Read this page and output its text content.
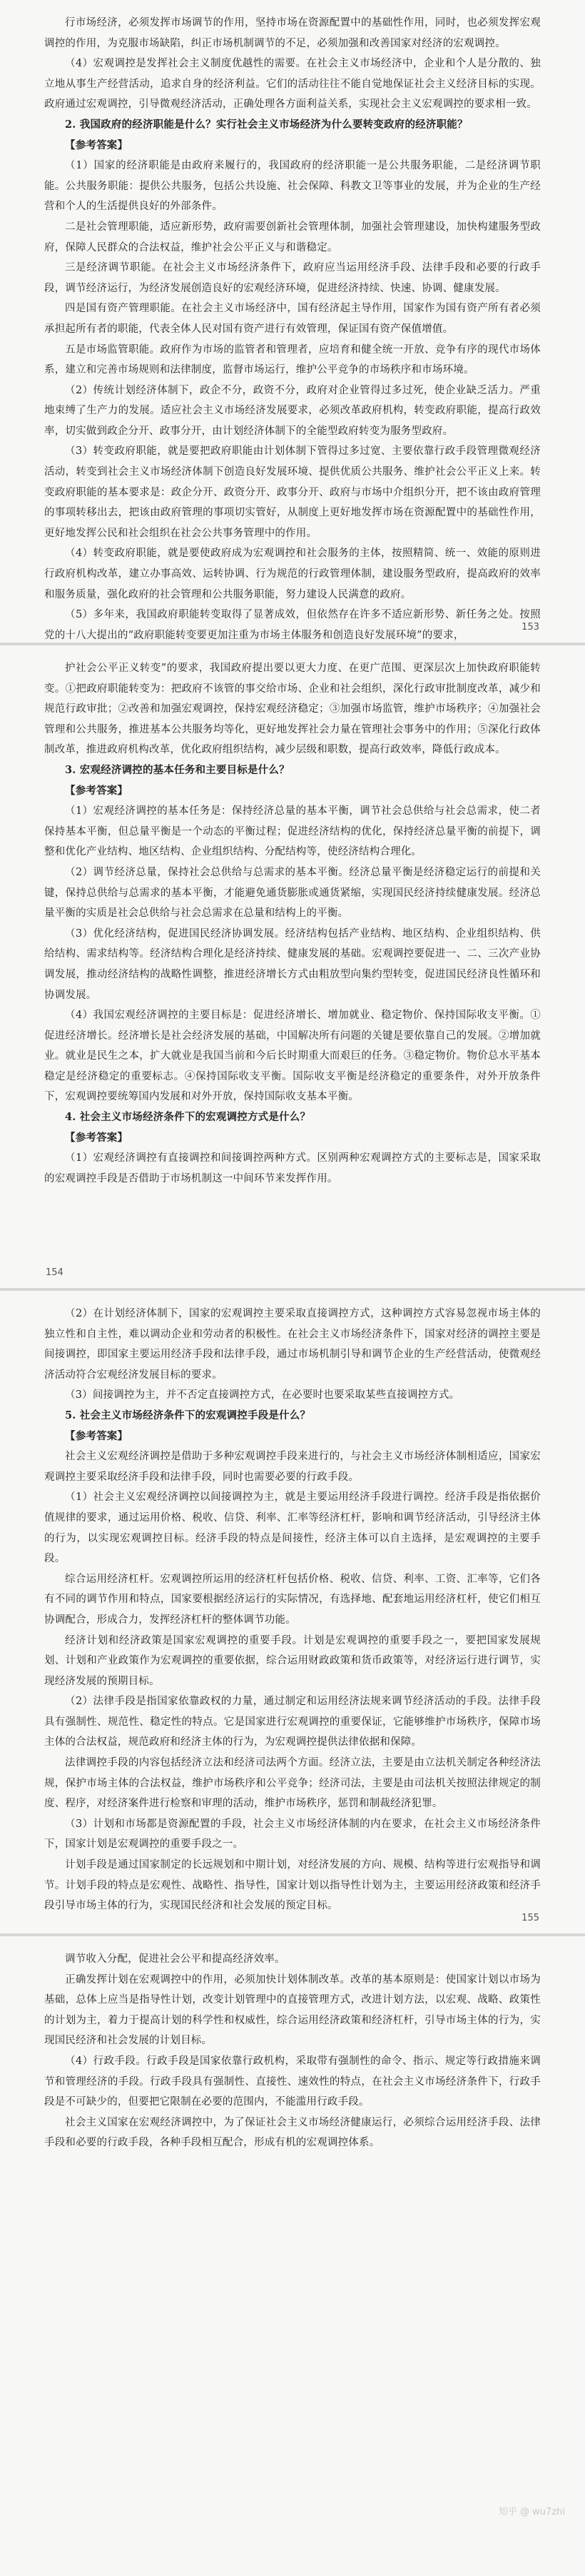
行市场经济，必须发挥市场调节的作用，坚持市场在资源配置中的基础性作用，同时，也必须发挥宏观调控的作用，为克服市场缺陷，纠正市场机制调节的不足，必须加强和改善国家对经济的宏观调控。

（4）宏观调控是发挥社会主义制度优越性的需要。在社会主义市场经济中，企业和个人是分散的、独立地从事生产经营活动，追求自身的经济利益。它们的活动往往不能自觉地保证社会主义经济目标的实现。政府通过宏观调控，引导微观经济活动，正确处理各方面利益关系，实现社会主义宏观调控的要求相一致。

2. 我国政府的经济职能是什么？实行社会主义市场经济为什么要转变政府的经济职能？

【参考答案】

（1）国家的经济职能是由政府来履行的，我国政府的经济职能一是公共服务职能，二是经济调节职能。公共服务职能：提供公共服务，包括公共设施、社会保障、科教文卫等事业的发展，并为企业的生产经营和个人的生活提供良好的外部条件。

二是社会管理职能，适应新形势，政府需要创新社会管理体制，加强社会管理建设，加快构建服务型政府，保障人民群众的合法权益，维护社会公平正义与和谐稳定。

三是经济调节职能。在社会主义市场经济条件下，政府应当运用经济手段、法律手段和必要的行政手段，调节经济运行，为经济发展创造良好的宏观经济环境，促进经济持续、快速、协调、健康发展。

四是国有资产管理职能。在社会主义市场经济中，国有经济起主导作用，国家作为国有资产所有者必须承担起所有者的职能，代表全体人民对国有资产进行有效管理，保证国有资产保值增值。

五是市场监管职能。政府作为市场的监管者和管理者，应培育和健全统一开放、竞争有序的现代市场体系，建立和完善市场规则和法律制度，监督市场运行，维护公平竞争的市场秩序和市场环境。

（2）传统计划经济体制下，政企不分，政资不分，政府对企业管得过多过死，使企业缺乏活力。严重地束缚了生产力的发展。适应社会主义市场经济发展要求，必须改革政府机构，转变政府职能，提高行政效率，切实做到政企分开、政事分开，由计划经济体制下的全能型政府转变为服务型政府。

（3）转变政府职能，就是要把政府职能由计划体制下管得过多过宽、主要依靠行政手段管理微观经济活动，转变到社会主义市场经济体制下创造良好发展环境、提供优质公共服务、维护社会公平正义上来。转变政府职能的基本要求是：政企分开、政资分开、政事分开、政府与市场中介组织分开，把不该由政府管理的事项转移出去，把该由政府管理的事项切实管好，从制度上更好地发挥市场在资源配置中的基础性作用，更好地发挥公民和社会组织在社会公共事务管理中的作用。

（4）转变政府职能，就是要使政府成为宏观调控和社会服务的主体，按照精简、统一、效能的原则进行政府机构改革，建立办事高效、运转协调、行为规范的行政管理体制，建设服务型政府，提高政府的效率和服务质量，强化政府的社会管理和公共服务职能，努力建设人民满意的政府。

（5）多年来，我国政府职能转变取得了显著成效，但依然存在许多不适应新形势、新任务之处。按照党的十八大提出的“政府职能转变要更加注重为市场主体服务和创造良好发展环境”的要求，

153

护社会公平正义转变”的要求，我国政府提出要以更大力度、在更广范围、更深层次上加快政府职能转变。①把政府职能转变为：把政府不该管的事交给市场、企业和社会组织，深化行政审批制度改革，减少和规范行政审批；②改善和加强宏观调控，保持宏观经济稳定；③加强市场监管，维护市场秩序；④加强社会管理和公共服务，推进基本公共服务均等化，更好地发挥社会力量在管理社会事务中的作用；⑤深化行政体制改革，推进政府机构改革，优化政府组织结构，减少层级和职数，提高行政效率，降低行政成本。

3. 宏观经济调控的基本任务和主要目标是什么？

【参考答案】

（1）宏观经济调控的基本任务是：保持经济总量的基本平衡，调节社会总供给与社会总需求，使二者保持基本平衡，但总量平衡是一个动态的平衡过程；促进经济结构的优化，保持经济总量平衡的前提下，调整和优化产业结构、地区结构、企业组织结构、分配结构等，使经济结构合理化。

（2）调节经济总量，保持社会总供给与总需求的基本平衡。经济总量平衡是经济稳定运行的前提和关键，保持总供给与总需求的基本平衡，才能避免通货膨胀或通货紧缩，实现国民经济持续健康发展。经济总量平衡的实质是社会总供给与社会总需求在总量和结构上的平衡。

（3）优化经济结构，促进国民经济协调发展。经济结构包括产业结构、地区结构、企业组织结构、供给结构、需求结构等。经济结构合理化是经济持续、健康发展的基础。宏观调控要促进一、二、三次产业协调发展，推动经济结构的战略性调整，推进经济增长方式由粗放型向集约型转变，促进国民经济良性循环和协调发展。

（4）我国宏观经济调控的主要目标是：促进经济增长、增加就业、稳定物价、保持国际收支平衡。①促进经济增长。经济增长是社会经济发展的基础，中国解决所有问题的关键是要依靠自己的发展。②增加就业。就业是民生之本，扩大就业是我国当前和今后长时期重大而艰巨的任务。③稳定物价。物价总水平基本稳定是经济稳定的重要标志。④保持国际收支平衡。国际收支平衡是经济稳定的重要条件，对外开放条件下，宏观调控要统筹国内发展和对外开放，保持国际收支基本平衡。

4. 社会主义市场经济条件下的宏观调控方式是什么？

【参考答案】

（1）宏观经济调控有直接调控和间接调控两种方式。区别两种宏观调控方式的主要标志是，国家采取的宏观调控手段是否借助于市场机制这一中间环节来发挥作用。

154

（2）在计划经济体制下，国家的宏观调控主要采取直接调控方式，这种调控方式容易忽视市场主体的独立性和自主性，难以调动企业和劳动者的积极性。在社会主义市场经济条件下，国家对经济的调控主要是间接调控，即国家主要运用经济手段和法律手段，通过市场机制引导和调节企业的生产经营活动，使微观经济活动符合宏观经济发展目标的要求。

（3）间接调控为主，并不否定直接调控方式，在必要时也要采取某些直接调控方式。

5. 社会主义市场经济条件下的宏观调控手段是什么？

【参考答案】

社会主义宏观经济调控是借助于多种宏观调控手段来进行的，与社会主义市场经济体制相适应，国家宏观调控主要采取经济手段和法律手段，同时也需要必要的行政手段。

（1）社会主义宏观经济调控以间接调控为主，就是主要运用经济手段进行调控。经济手段是指依据价值规律的要求，通过运用价格、税收、信贷、利率、汇率等经济杠杆，影响和调节经济活动，引导经济主体的行为，以实现宏观调控目标。经济手段的特点是间接性，经济主体可以自主选择，是宏观调控的主要手段。

综合运用经济杠杆。宏观调控所运用的经济杠杆包括价格、税收、信贷、利率、工资、汇率等，它们各有不同的调节作用和特点，国家要根据经济运行的实际情况，有选择地、配套地运用经济杠杆，使它们相互协调配合，形成合力，发挥经济杠杆的整体调节功能。

经济计划和经济政策是国家宏观调控的重要手段。计划是宏观调控的重要手段之一，要把国家发展规划、计划和产业政策作为宏观调控的重要依据，综合运用财政政策和货币政策等，对经济运行进行调节，实现经济发展的预期目标。

（2）法律手段是指国家依靠政权的力量，通过制定和运用经济法规来调节经济活动的手段。法律手段具有强制性、规范性、稳定性的特点。它是国家进行宏观调控的重要保证，它能够维护市场秩序，保障市场主体的合法权益，规范政府和经济主体的行为，为宏观调控提供法律依据和保障。

法律调控手段的内容包括经济立法和经济司法两个方面。经济立法，主要是由立法机关制定各种经济法规，保护市场主体的合法权益，维护市场秩序和公平竞争；经济司法，主要是由司法机关按照法律规定的制度、程序，对经济案件进行检察和审理的活动，维护市场秩序，惩罚和制裁经济犯罪。

（3）计划和市场都是资源配置的手段，社会主义市场经济体制的内在要求，在社会主义市场经济条件下，国家计划是宏观调控的重要手段之一。

计划手段是通过国家制定的长远规划和中期计划，对经济发展的方向、规模、结构等进行宏观指导和调节。计划手段的特点是宏观性、战略性、指导性，国家计划以指导性计划为主，主要运用经济政策和经济手段引导市场主体的行为，实现国民经济和社会发展的预定目标。

155

调节收入分配，促进社会公平和提高经济效率。

正确发挥计划在宏观调控中的作用，必须加快计划体制改革。改革的基本原则是：使国家计划以市场为基础，总体上应当是指导性计划，改变计划管理中的直接管理方式，改进计划方法，以宏观、战略、政策性的计划为主，着力于提高计划的科学性和权威性，综合运用经济政策和经济杠杆，引导市场主体的行为，实现国民经济和社会发展的计划目标。

（4）行政手段。行政手段是国家依靠行政机构，采取带有强制性的命令、指示、规定等行政措施来调节和管理经济的手段。行政手段具有强制性、直接性、速效性的特点，在社会主义市场经济条件下，行政手段是不可缺少的，但要把它限制在必要的范围内，不能滥用行政手段。

社会主义国家在宏观经济调控中，为了保证社会主义市场经济健康运行，必须综合运用经济手段、法律手段和必要的行政手段，各种手段相互配合，形成有机的宏观调控体系。

知乎 @ wu7zhi
